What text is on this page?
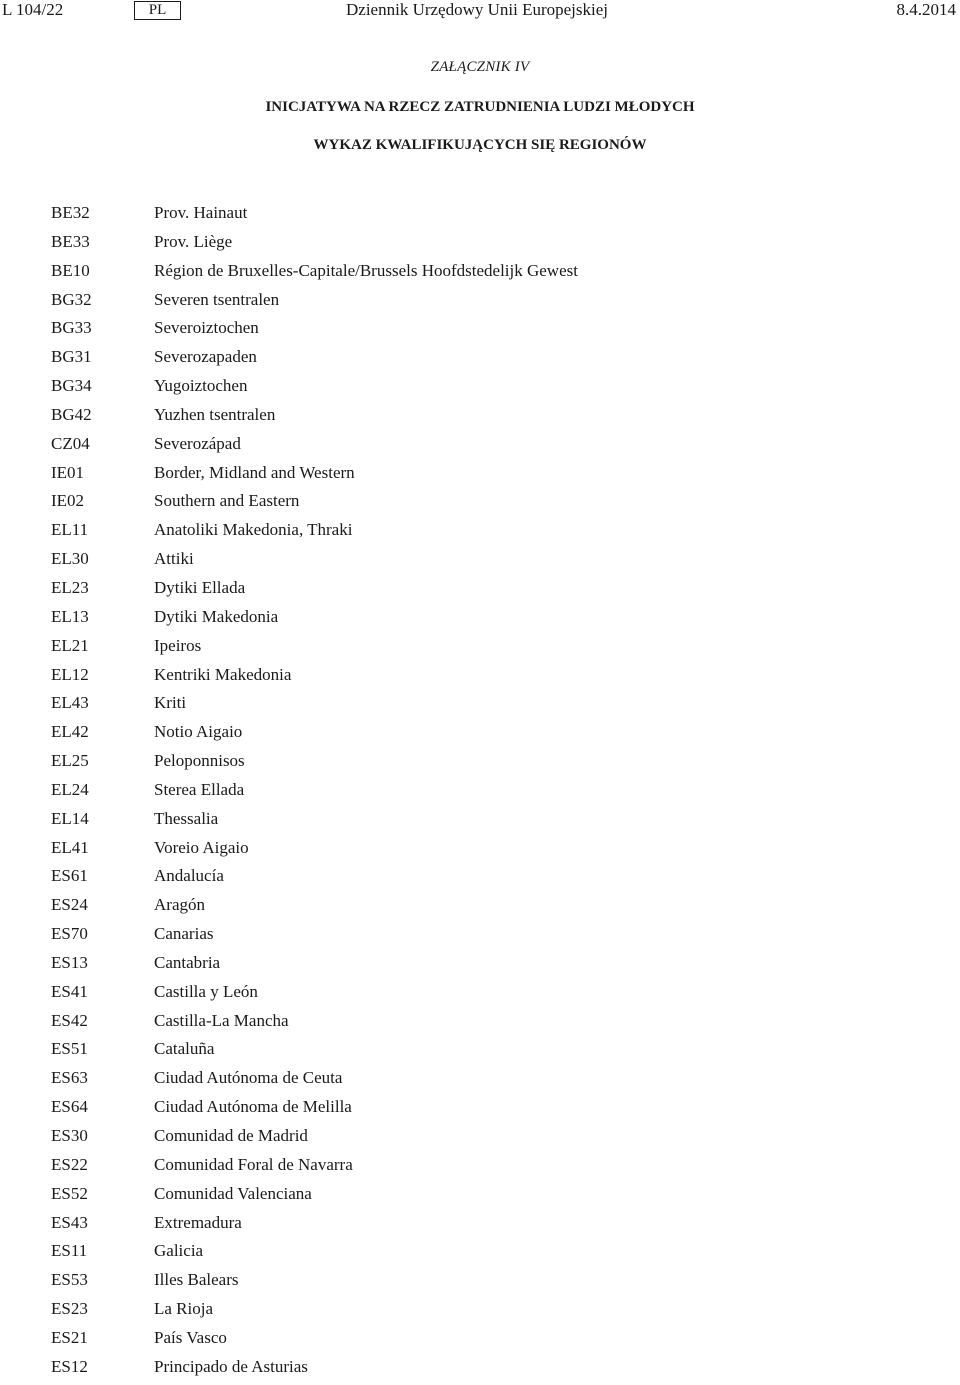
L 104/22	PL	Dziennik Urzędowy Unii Europejskiej	8.4.2014
ZAŁĄCZNIK IV
INICJATYWA NA RZECZ ZATRUDNIENIA LUDZI MŁODYCH
WYKAZ KWALIFIKUJĄCYCH SIĘ REGIONÓW
BE32	Prov. Hainaut
BE33	Prov. Liège
BE10	Région de Bruxelles-Capitale/Brussels Hoofdstedelijk Gewest
BG32	Severen tsentralen
BG33	Severoiztochen
BG31	Severozapaden
BG34	Yugoiztochen
BG42	Yuzhen tsentralen
CZ04	Severozápad
IE01	Border, Midland and Western
IE02	Southern and Eastern
EL11	Anatoliki Makedonia, Thraki
EL30	Attiki
EL23	Dytiki Ellada
EL13	Dytiki Makedonia
EL21	Ipeiros
EL12	Kentriki Makedonia
EL43	Kriti
EL42	Notio Aigaio
EL25	Peloponnisos
EL24	Sterea Ellada
EL14	Thessalia
EL41	Voreio Aigaio
ES61	Andalucía
ES24	Aragón
ES70	Canarias
ES13	Cantabria
ES41	Castilla y León
ES42	Castilla-La Mancha
ES51	Cataluña
ES63	Ciudad Autónoma de Ceuta
ES64	Ciudad Autónoma de Melilla
ES30	Comunidad de Madrid
ES22	Comunidad Foral de Navarra
ES52	Comunidad Valenciana
ES43	Extremadura
ES11	Galicia
ES53	Illes Balears
ES23	La Rioja
ES21	País Vasco
ES12	Principado de Asturias
